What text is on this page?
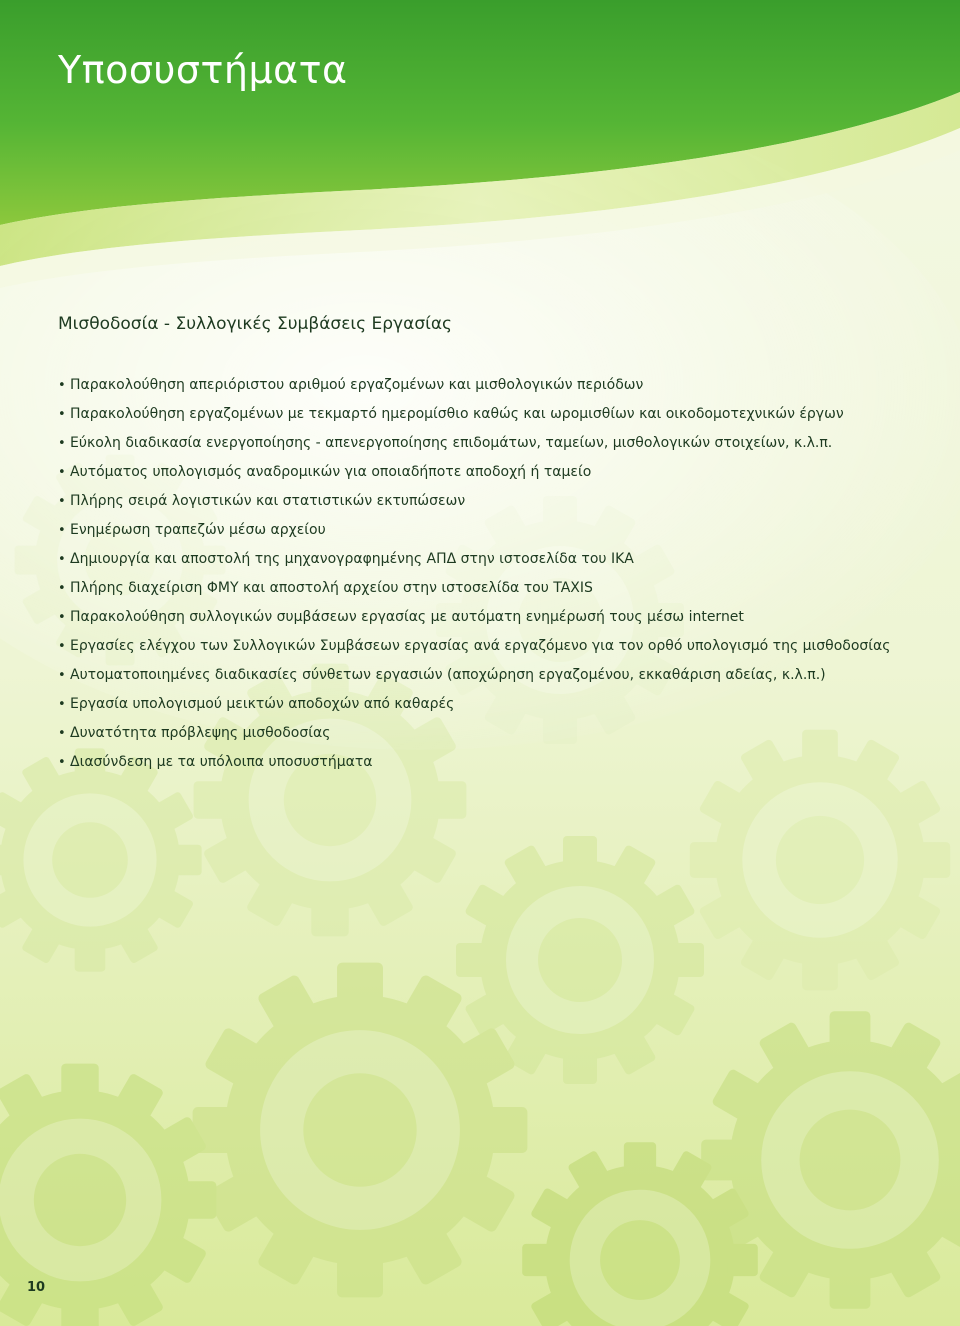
Υποσυστήματα
Μισθοδοσία - Συλλογικές Συμβάσεις Εργασίας
• Παρακολούθηση απεριόριστου αριθμού εργαζομένων και μισθολογικών περιόδων
• Παρακολούθηση εργαζομένων με τεκμαρτό ημερομίσθιο καθώς και ωρομισθίων και οικοδομοτεχνικών έργων
• Εύκολη διαδικασία ενεργοποίησης - απενεργοποίησης επιδομάτων, ταμείων, μισθολογικών στοιχείων, κ.λ.π.
• Αυτόματος υπολογισμός αναδρομικών για οποιαδήποτε αποδοχή ή ταμείο
• Πλήρης σειρά λογιστικών και στατιστικών εκτυπώσεων
• Ενημέρωση τραπεζών μέσω αρχείου
• Δημιουργία και αποστολή της μηχανογραφημένης ΑΠΔ στην ιστοσελίδα του ΙΚΑ
• Πλήρης διαχείριση ΦΜΥ και αποστολή αρχείου στην ιστοσελίδα του TAXIS
• Παρακολούθηση συλλογικών συμβάσεων εργασίας με αυτόματη ενημέρωσή τους μέσω internet
• Εργασίες ελέγχου των Συλλογικών Συμβάσεων εργασίας ανά εργαζόμενο για τον ορθό υπολογισμό της μισθοδοσίας
• Αυτοματοποιημένες διαδικασίες σύνθετων εργασιών (αποχώρηση εργαζομένου, εκκαθάριση αδείας, κ.λ.π.)
• Εργασία υπολογισμού μεικτών αποδοχών από καθαρές
• Δυνατότητα πρόβλεψης μισθοδοσίας
• Διασύνδεση με τα υπόλοιπα υποσυστήματα
10
